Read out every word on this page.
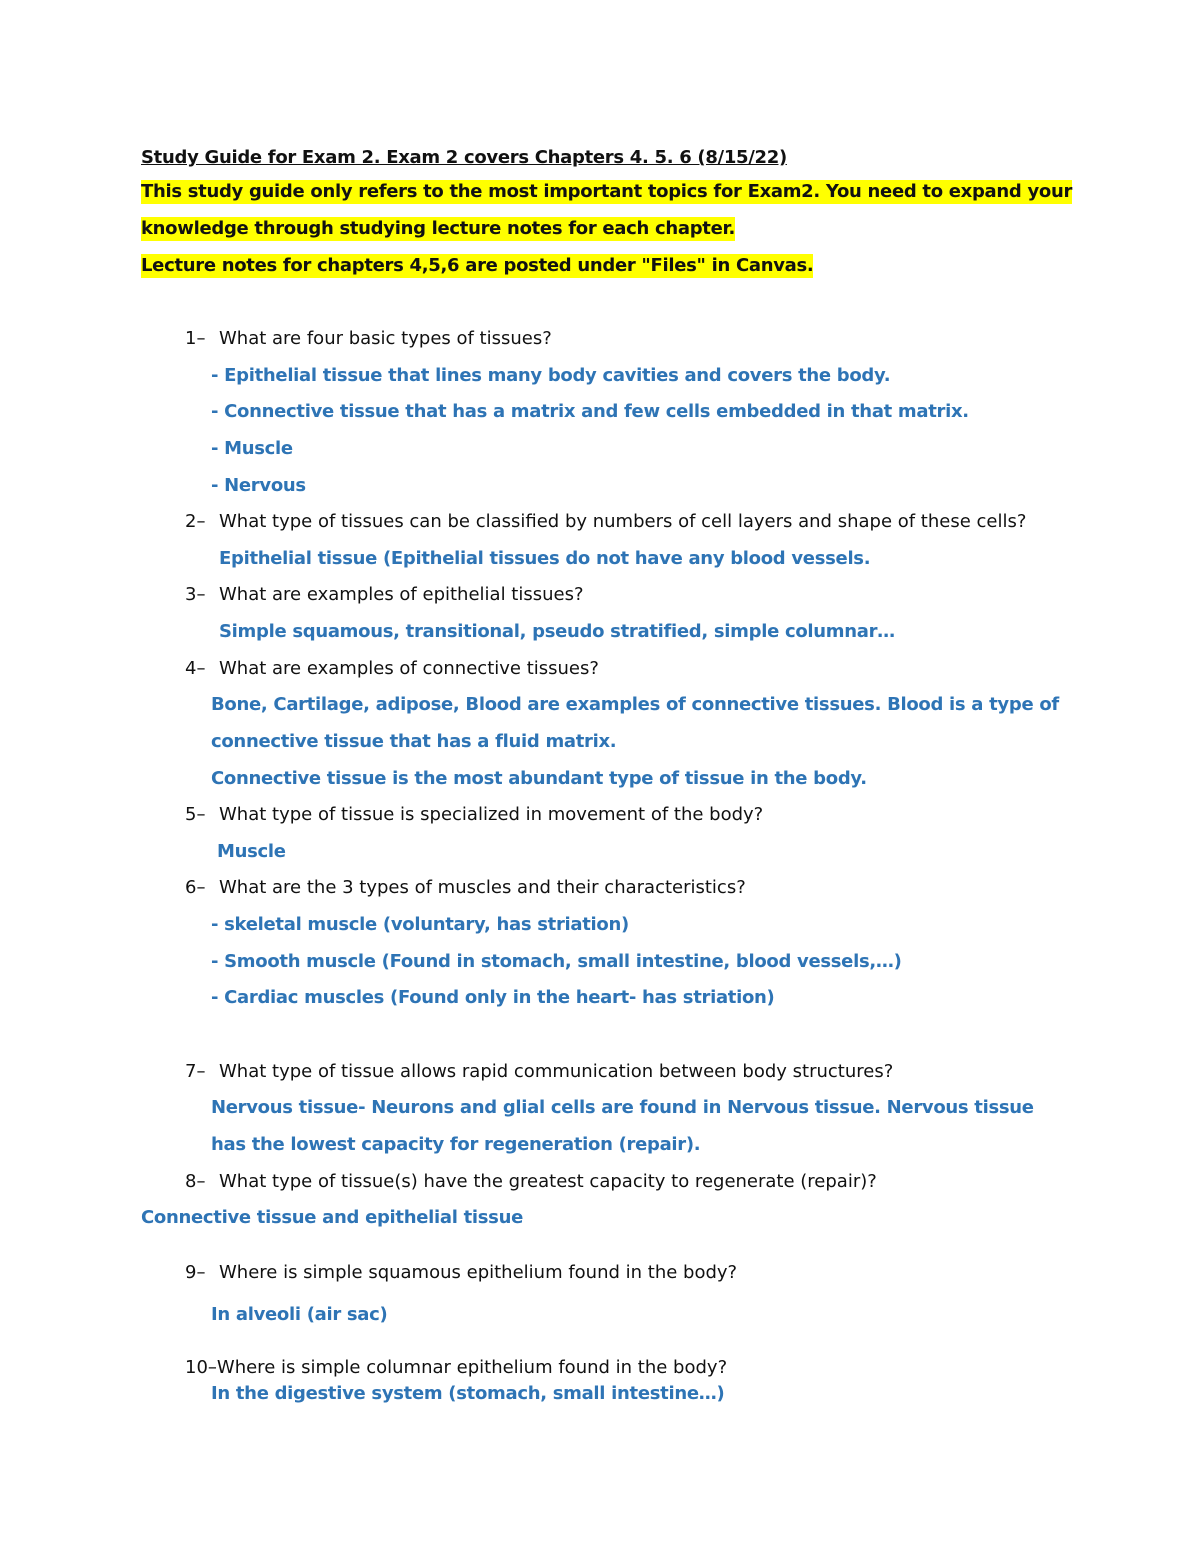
Study Guide for Exam 2. Exam 2 covers Chapters 4. 5. 6 (8/15/22)
This study guide only refers to the most important topics for Exam2. You need to expand your
knowledge through studying lecture notes for each chapter.
Lecture notes for chapters 4,5,6 are posted under "Files" in Canvas.
1– What are four basic types of tissues?
- Epithelial tissue that lines many body cavities and covers the body.
- Connective tissue that has a matrix and few cells embedded in that matrix.
- Muscle
- Nervous
2– What type of tissues can be classified by numbers of cell layers and shape of these cells?
Epithelial tissue (Epithelial tissues do not have any blood vessels.
3– What are examples of epithelial tissues?
Simple squamous, transitional, pseudo stratified, simple columnar…
4– What are examples of connective tissues?
Bone, Cartilage, adipose, Blood are examples of connective tissues. Blood is a type of
connective tissue that has a fluid matrix.
Connective tissue is the most abundant type of tissue in the body.
5– What type of tissue is specialized in movement of the body?
Muscle
6– What are the 3 types of muscles and their characteristics?
- skeletal muscle (voluntary, has striation)
- Smooth muscle (Found in stomach, small intestine, blood vessels,…)
- Cardiac muscles (Found only in the heart- has striation)
7– What type of tissue allows rapid communication between body structures?
Nervous tissue- Neurons and glial cells are found in Nervous tissue. Nervous tissue
has the lowest capacity for regeneration (repair).
8– What type of tissue(s) have the greatest capacity to regenerate (repair)?
Connective tissue and epithelial tissue
9– Where is simple squamous epithelium found in the body?
In alveoli (air sac)
10–Where is simple columnar epithelium found in the body?
In the digestive system (stomach, small intestine…)
